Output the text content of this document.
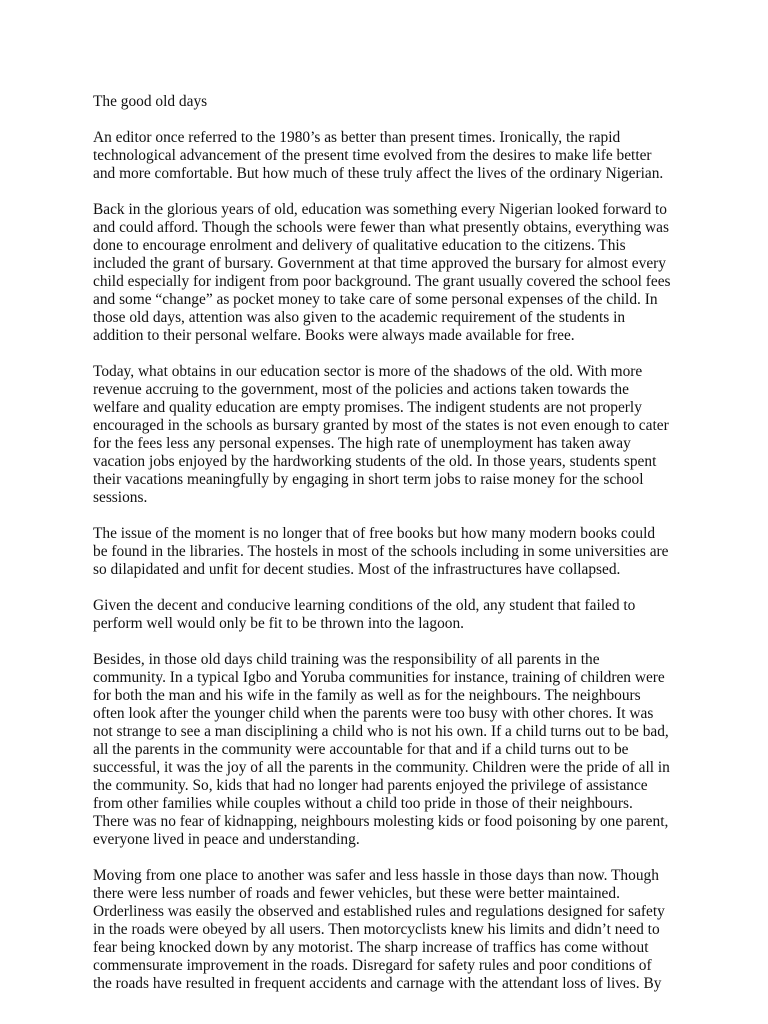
The good old days

An editor once referred to the 1980’s as better than present times. Ironically, the rapid
technological advancement of the present time evolved from the desires to make life better
and more comfortable. But how much of these truly affect the lives of the ordinary Nigerian.

Back in the glorious years of old, education was something every Nigerian looked forward to
and could afford. Though the schools were fewer than what presently obtains, everything was
done to encourage enrolment and delivery of qualitative education to the citizens. This
included the grant of bursary. Government at that time approved the bursary for almost every
child especially for indigent from poor background. The grant usually covered the school fees
and some “change” as pocket money to take care of some personal expenses of the child. In
those old days, attention was also given to the academic requirement of the students in
addition to their personal welfare. Books were always made available for free.

Today, what obtains in our education sector is more of the shadows of the old. With more
revenue accruing to the government, most of the policies and actions taken towards the
welfare and quality education are empty promises. The indigent students are not properly
encouraged in the schools as bursary granted by most of the states is not even enough to cater
for the fees less any personal expenses. The high rate of unemployment has taken away
vacation jobs enjoyed by the hardworking students of the old. In those years, students spent
their vacations meaningfully by engaging in short term jobs to raise money for the school
sessions.

The issue of the moment is no longer that of free books but how many modern books could
be found in the libraries. The hostels in most of the schools including in some universities are
so dilapidated and unfit for decent studies. Most of the infrastructures have collapsed.

Given the decent and conducive learning conditions of the old, any student that failed to
perform well would only be fit to be thrown into the lagoon.

Besides, in those old days child training was the responsibility of all parents in the
community. In a typical Igbo and Yoruba communities for instance, training of children were
for both the man and his wife in the family as well as for the neighbours. The neighbours
often look after the younger child when the parents were too busy with other chores. It was
not strange to see a man disciplining a child who is not his own. If a child turns out to be bad,
all the parents in the community were accountable for that and if a child turns out to be
successful, it was the joy of all the parents in the community. Children were the pride of all in
the community. So, kids that had no longer had parents enjoyed the privilege of assistance
from other families while couples without a child too pride in those of their neighbours.
There was no fear of kidnapping, neighbours molesting kids or food poisoning by one parent,
everyone lived in peace and understanding.

Moving from one place to another was safer and less hassle in those days than now. Though
there were less number of roads and fewer vehicles, but these were better maintained.
Orderliness was easily the observed and established rules and regulations designed for safety
in the roads were obeyed by all users. Then motorcyclists knew his limits and didn’t need to
fear being knocked down by any motorist. The sharp increase of traffics has come without
commensurate improvement in the roads. Disregard for safety rules and poor conditions of
the roads have resulted in frequent accidents and carnage with the attendant loss of lives. By
